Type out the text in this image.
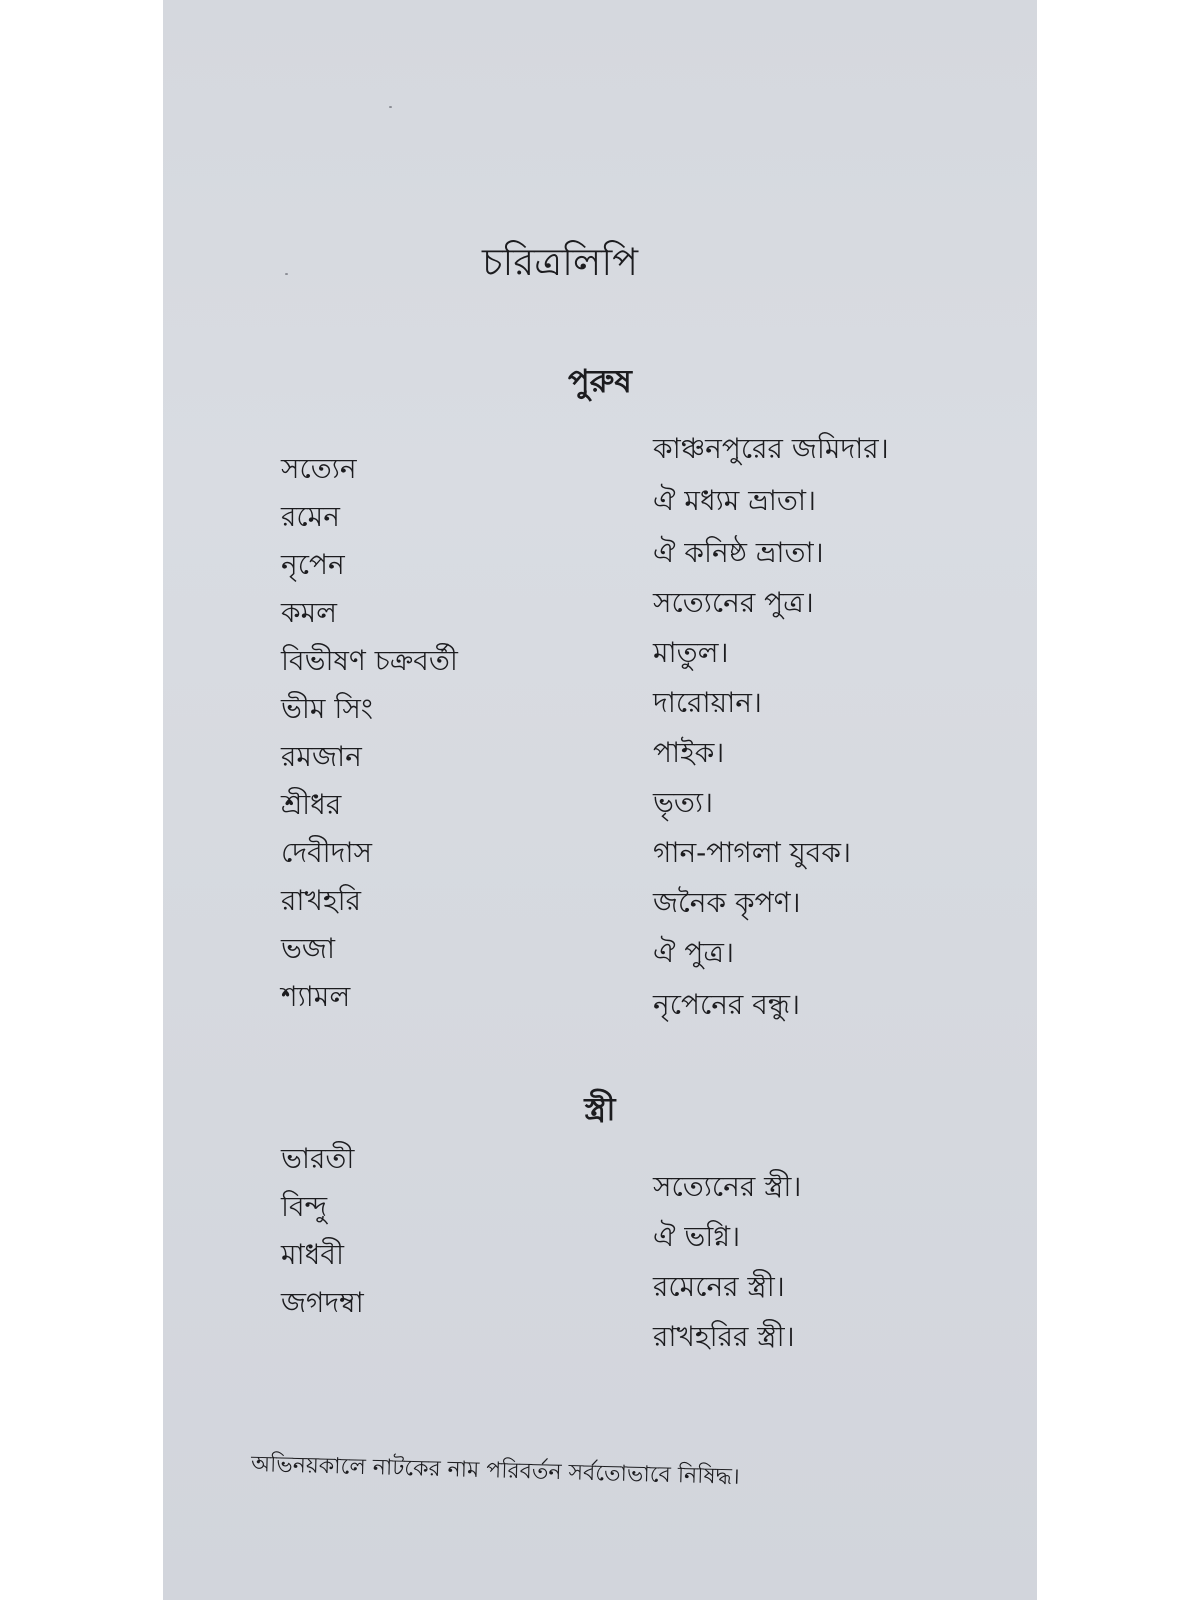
চরিত্রলিপি
পুরুষ
সত্যেন
রমেন
নৃপেন
কমল
বিভীষণ চক্রবর্তী
ভীম সিং
রমজান
শ্রীধর
দেবীদাস
রাখহরি
ভজা
শ্যামল
কাঞ্চনপুরের জমিদার।
ঐ মধ্যম ভ্রাতা।
ঐ কনিষ্ঠ ভ্রাতা।
সত্যেনের পুত্র।
মাতুল।
দারোয়ান।
পাইক।
ভৃত্য।
গান-পাগলা যুবক।
জনৈক কৃপণ।
ঐ পুত্র।
নৃপেনের বন্ধু।
স্ত্রী
ভারতী
বিন্দু
মাধবী
জগদম্বা
সত্যেনের স্ত্রী।
ঐ ভগ্নি।
রমেনের স্ত্রী।
রাখহরির স্ত্রী।

অভিনয়কালে নাটকের নাম পরিবর্তন সর্বতোভাবে নিষিদ্ধ।
